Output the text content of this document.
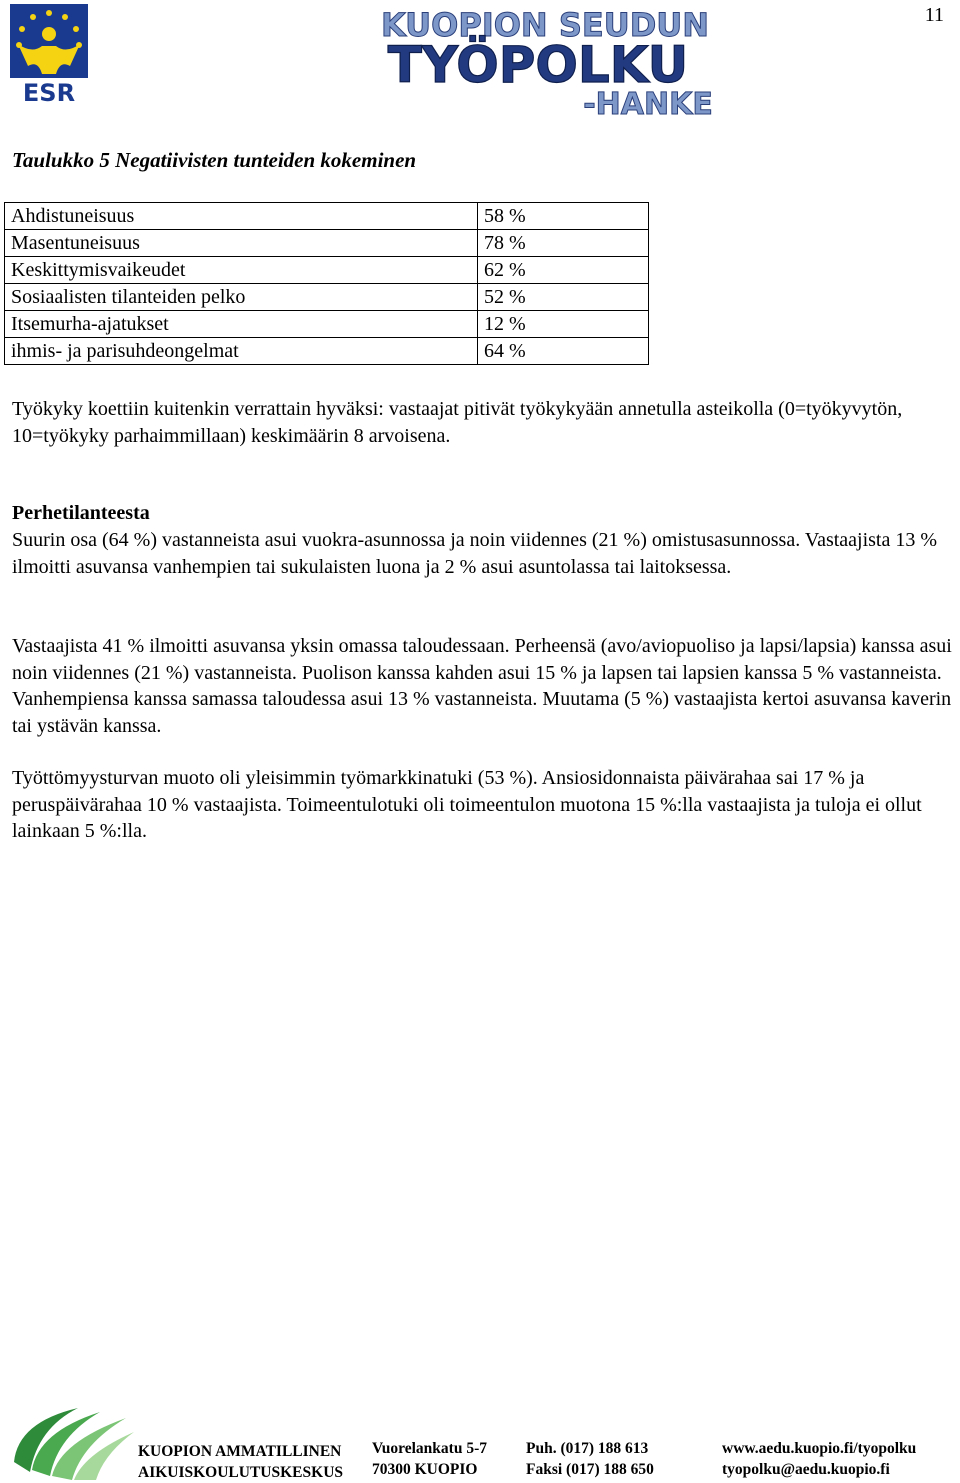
11
ESR
KUOPION SEUDUN
TYÖPOLKU
-HANKE
Taulukko 5 Negatiivisten tunteiden kokeminen
Ahdistuneisuus	58 %
Masentuneisuus	78 %
Keskittymisvaikeudet	62 %
Sosiaalisten tilanteiden pelko	52 %
Itsemurha-ajatukset	12 %
ihmis- ja parisuhdeongelmat	64 %

Työkyky koettiin kuitenkin verrattain hyväksi: vastaajat pitivät työkykyään annetulla asteikolla (0=työkyvytön, 10=työkyky parhaimmillaan) keskimäärin 8 arvoisena.

Perhetilanteesta

Suurin osa (64 %) vastanneista asui vuokra-asunnossa ja noin viidennes (21 %) omistusasunnossa. Vastaajista 13 % ilmoitti asuvansa vanhempien tai sukulaisten luona ja 2 % asui asuntolassa tai laitoksessa.

Vastaajista 41 % ilmoitti asuvansa yksin omassa taloudessaan. Perheensä (avo/aviopuoliso ja lapsi/lapsia) kanssa asui noin viidennes (21 %) vastanneista. Puolison kanssa kahden asui 15 % ja lapsen tai lapsien kanssa 5 % vastanneista. Vanhempiensa kanssa samassa taloudessa asui 13 % vastanneista. Muutama (5 %) vastaajista kertoi asuvansa kaverin tai ystävän kanssa.

Työttömyysturvan muoto oli yleisimmin työmarkkinatuki (53 %). Ansiosidonnaista päivärahaa sai 17 % ja peruspäivärahaa 10 % vastaajista. Toimeentulotuki oli toimeentulon muotona 15 %:lla vastaajista ja tuloja ei ollut lainkaan 5 %:lla.

KUOPION AMMATILLINEN
AIKUISKOULUTUSKESKUS
Vuorelankatu 5-7
70300 KUOPIO
Puh. (017) 188 613
Faksi (017) 188 650
www.aedu.kuopio.fi/tyopolku
tyopolku@aedu.kuopio.fi
